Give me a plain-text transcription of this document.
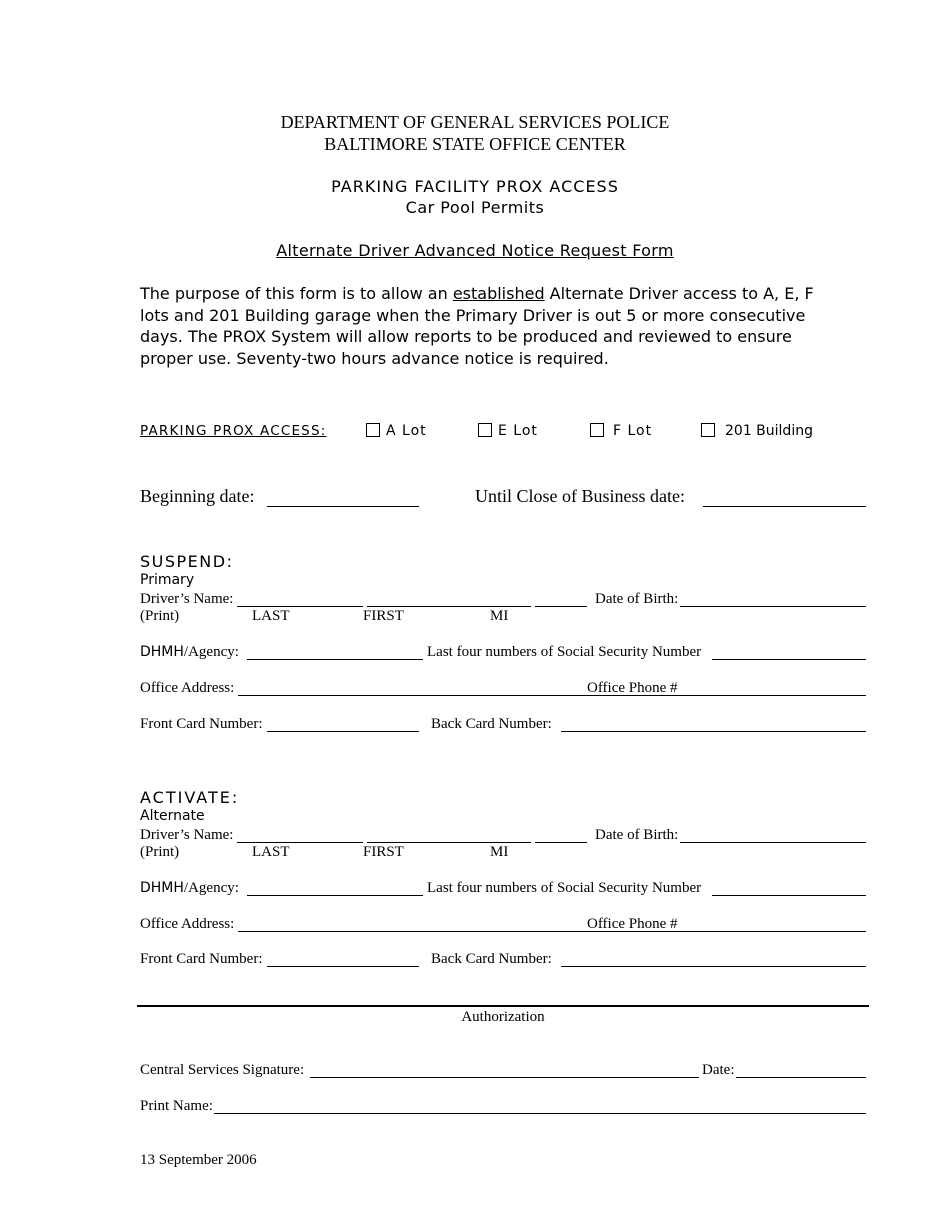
DEPARTMENT OF GENERAL SERVICES POLICE
BALTIMORE STATE OFFICE CENTER
PARKING FACILITY PROX ACCESS
Car Pool Permits
Alternate Driver Advanced Notice Request Form

The purpose of this form is to allow an established Alternate Driver access to A, E, F lots and 201 Building garage when the Primary Driver is out 5 or more consecutive days. The PROX System will allow reports to be produced and reviewed to ensure proper use. Seventy-two hours advance notice is required.

PARKING PROX ACCESS:	A Lot	E Lot	F Lot	201 Building
Beginning date:	Until Close of Business date:
SUSPEND:
Primary
Driver’s Name:	Date of Birth:
(Print)	LAST	FIRST	MI
DHMH/Agency:	Last four numbers of Social Security Number
Office Address:	Office Phone #
Front Card Number:	Back Card Number:
ACTIVATE:
Alternate
Driver’s Name:	Date of Birth:
(Print)	LAST	FIRST	MI
DHMH/Agency:	Last four numbers of Social Security Number
Office Address:	Office Phone #
Front Card Number:	Back Card Number:
Authorization
Central Services Signature:	Date:
Print Name:
13 September 2006
